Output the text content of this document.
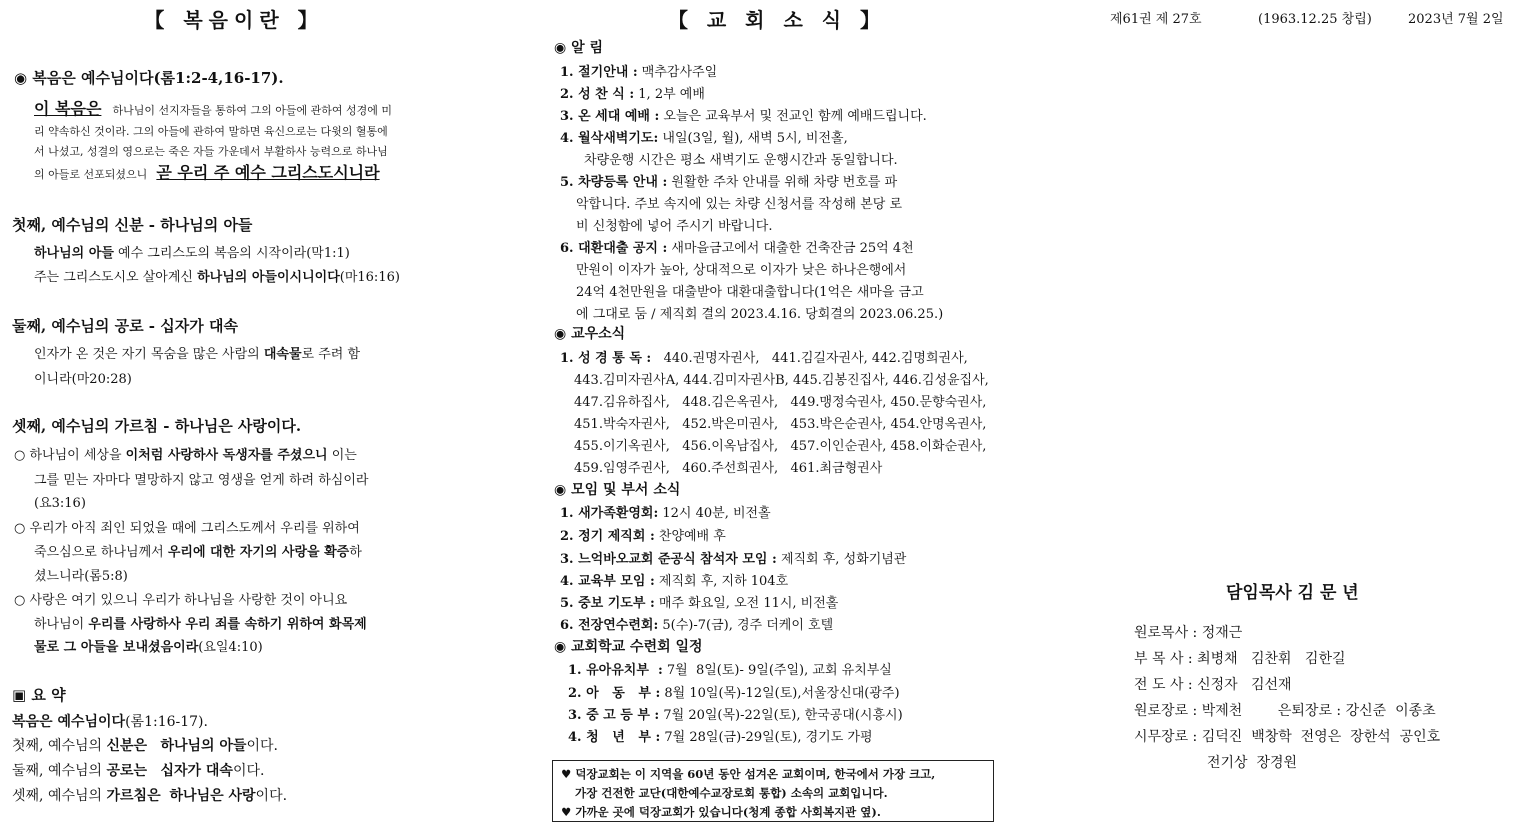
제61권 제 27호	(1963.12.25 창립)	2023년 7월 2일
【 복음이란 】
◉ 복음은 예수님이다(롬1:2-4,16-17).
이 복음은 하나님이 선지자들을 통하여 그의 아들에 관하여 성경에 미
리 약속하신 것이라. 그의 아들에 관하여 말하면 육신으로는 다윗의 혈통에
서 나셨고, 성결의 영으로는 죽은 자들 가운데서 부활하사 능력으로 하나님
의 아들로 선포되셨으니 곧 우리 주 예수 그리스도시니라
첫째, 예수님의 신분 - 하나님의 아들
하나님의 아들 예수 그리스도의 복음의 시작이라(막1:1)
주는 그리스도시오 살아계신 하나님의 아들이시니이다(마16:16)
둘째, 예수님의 공로 - 십자가 대속
인자가 온 것은 자기 목숨을 많은 사람의 대속물로 주려 함
이니라(마20:28)
셋째, 예수님의 가르침 - 하나님은 사랑이다.
○ 하나님이 세상을 이처럼 사랑하사 독생자를 주셨으니 이는
그를 믿는 자마다 멸망하지 않고 영생을 얻게 하려 하심이라
(요3:16)
○ 우리가 아직 죄인 되었을 때에 그리스도께서 우리를 위하여
죽으심으로 하나님께서 우리에 대한 자기의 사랑을 확증하
셨느니라(롬5:8)
○ 사랑은 여기 있으니 우리가 하나님을 사랑한 것이 아니요
하나님이 우리를 사랑하사 우리 죄를 속하기 위하여 화목제
물로 그 아들을 보내셨음이라(요일4:10)
▣ 요 약
복음은 예수님이다(롬1:16-17).
첫째, 예수님의 신분은 하나님의 아들이다.
둘째, 예수님의 공로는 십자가 대속이다.
셋째, 예수님의 가르침은 하나님은 사랑이다.
【 교 회 소 식 】
◉ 알 림
1. 절기안내 : 맥추감사주일
2. 성 찬 식 : 1, 2부 예배
3. 온 세대 예배 : 오늘은 교육부서 및 전교인 함께 예배드립니다.
4. 월삭새벽기도: 내일(3일, 월), 새벽 5시, 비전홀,
차량운행 시간은 평소 새벽기도 운행시간과 동일합니다.
5. 차량등록 안내 : 원활한 주차 안내를 위해 차량 번호를 파
악합니다. 주보 속지에 있는 차량 신청서를 작성해 본당 로
비 신청함에 넣어 주시기 바랍니다.
6. 대환대출 공지 : 새마을금고에서 대출한 건축잔금 25억 4천
만원이 이자가 높아, 상대적으로 이자가 낮은 하나은행에서
24억 4천만원을 대출받아 대환대출합니다(1억은 새마을 금고
에 그대로 둠 / 제직회 결의 2023.4.16. 당회결의 2023.06.25.)
◉ 교우소식
1. 성 경 통 독 :   440.권명자권사,   441.김길자권사, 442.김명희권사,
443.김미자권사A, 444.김미자권사B, 445.김봉진집사, 446.김성윤집사,
447.김유하집사,   448.김은옥권사,   449.맹정숙권사, 450.문향숙권사,
451.박숙자권사,   452.박은미권사,   453.박은순권사, 454.안명옥권사,
455.이기옥권사,   456.이옥남집사,   457.이인순권사, 458.이화순권사,
459.임영주권사,   460.주선희권사,   461.최금형권사
◉ 모임 및 부서 소식
1. 새가족환영회: 12시 40분, 비전홀
2. 정기 제직회 : 찬양예배 후
3. 느억바오교회 준공식 참석자 모임 : 제직회 후, 성화기념관
4. 교육부 모임 : 제직회 후, 지하 104호
5. 중보 기도부 : 매주 화요일, 오전 11시, 비전홀
6. 전장연수련회: 5(수)-7(금), 경주 더케이 호텔
◉ 교회학교 수련회 일정
1. 유아유치부  : 7월  8일(토)- 9일(주일), 교회 유치부실
2. 아   동   부 : 8월 10일(목)-12일(토),서울장신대(광주)
3. 중 고 등 부 : 7월 20일(목)-22일(토), 한국공대(시흥시)
4. 청   년   부 : 7월 28일(금)-29일(토), 경기도 가평
♥ 덕장교회는 이 지역을 60년 동안 섬겨온 교회이며, 한국에서 가장 크고,
가장 건전한 교단(대한예수교장로회 통합) 소속의 교회입니다.
♥ 가까운 곳에 덕장교회가 있습니다(청계 종합 사회복지관 옆).
담임목사 김 문 년
원로목사 : 정재근
부 목 사 : 최병채   김찬휘   김한길
전 도 사 : 신정자   김선재
원로장로 : 박제천        은퇴장로 : 강신준  이종초
시무장로 : 김덕진  백창학  전영은  장한석  공인호
전기상  장경원
